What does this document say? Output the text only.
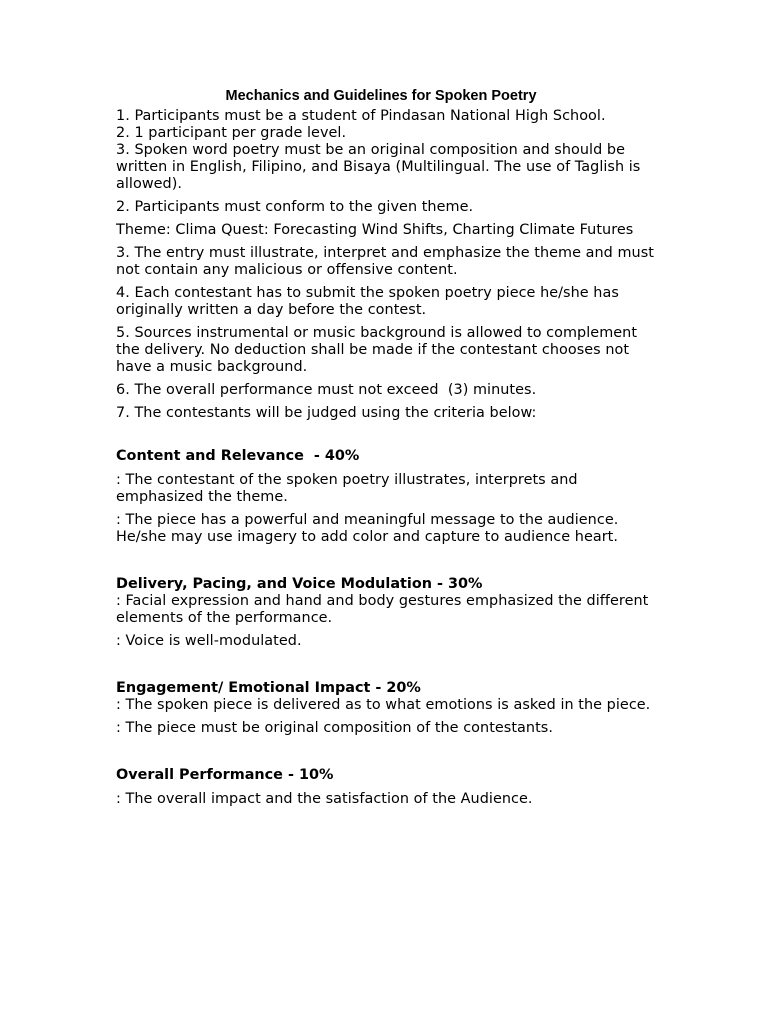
Mechanics and Guidelines for Spoken Poetry

1. Participants must be a student of Pindasan National High School.

2. 1 participant per grade level.

3. Spoken word poetry must be an original composition and should be written in English, Filipino, and Bisaya (Multilingual. The use of Taglish is allowed).

2. Participants must conform to the given theme.

Theme: Clima Quest: Forecasting Wind Shifts, Charting Climate Futures

3. The entry must illustrate, interpret and emphasize the theme and must not contain any malicious or offensive content.

4. Each contestant has to submit the spoken poetry piece he/she has originally written a day before the contest.

5. Sources instrumental or music background is allowed to complement the delivery. No deduction shall be made if the contestant chooses not have a music background.

6. The overall performance must not exceed  (3) minutes.

7. The contestants will be judged using the criteria below:

Content and Relevance  - 40%

: The contestant of the spoken poetry illustrates, interprets and emphasized the theme.

: The piece has a powerful and meaningful message to the audience. He/she may use imagery to add color and capture to audience heart.

Delivery, Pacing, and Voice Modulation - 30%

: Facial expression and hand and body gestures emphasized the different elements of the performance.

: Voice is well-modulated.

Engagement/ Emotional Impact - 20%

: The spoken piece is delivered as to what emotions is asked in the piece.

: The piece must be original composition of the contestants.

Overall Performance - 10%

: The overall impact and the satisfaction of the Audience.
